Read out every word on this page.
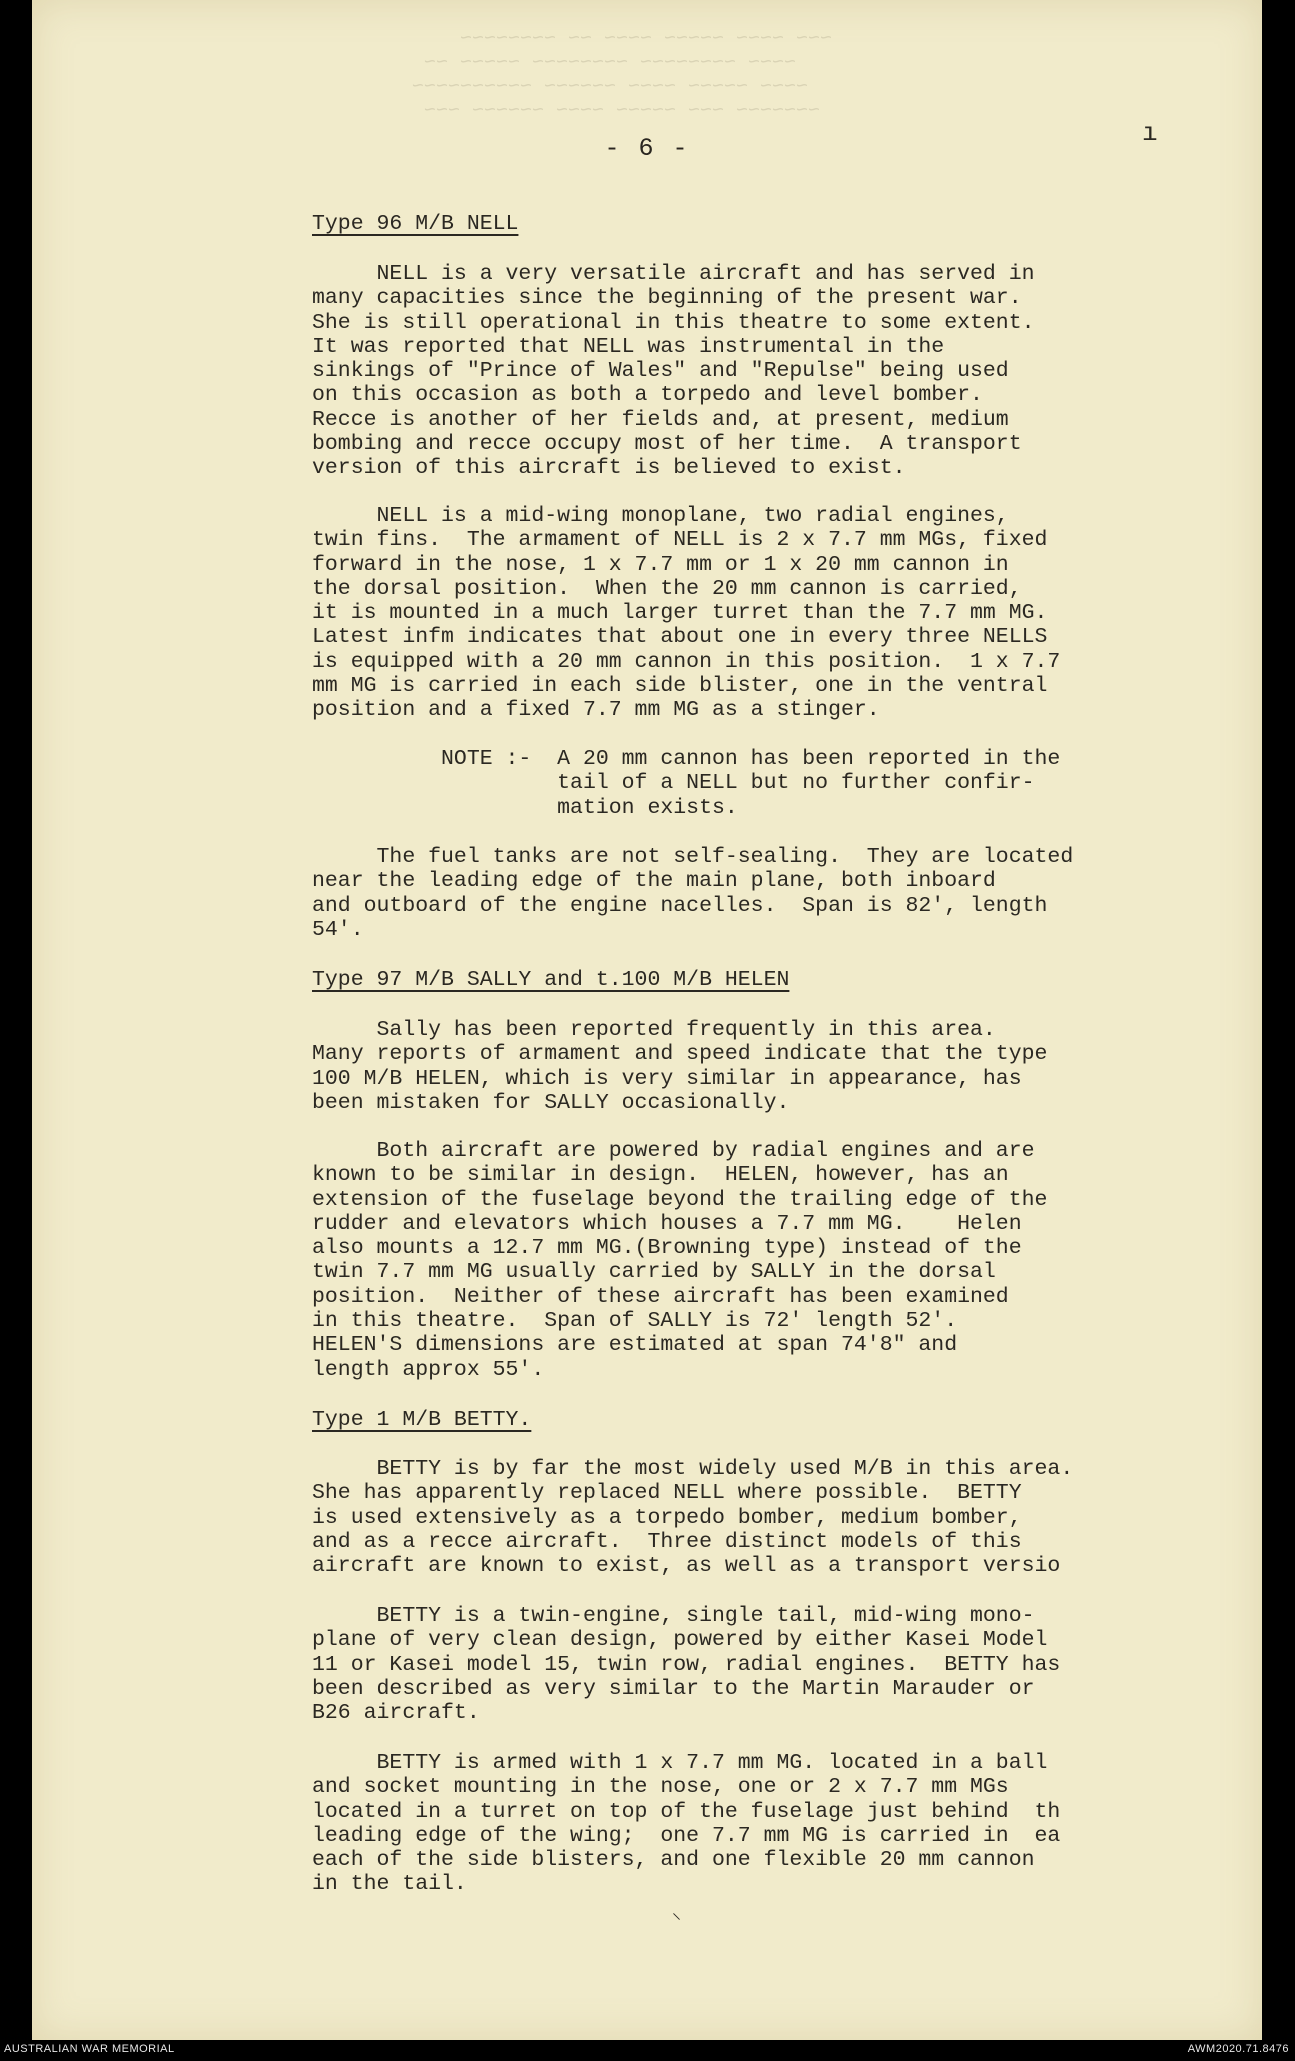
~~~ ~~~~ ~~~~~ ~~~~ ~~ ~~~~~~~~
~~~~ ~~~~~~~~ ~~~~~~~~ ~~~~~ ~~
~~~~ ~~~~~ ~~~~ ~~~~~~ ~~~~~~~~~~
~~~~~~~ ~~~ ~~~~~ ~~~~ ~~~~~~ ~~~
- 6 -
ı
Type 96 M/B NELL
NELL is a very versatile aircraft and has served in
many capacities since the beginning of the present war.
She is still operational in this theatre to some extent.
It was reported that NELL was instrumental in the
sinkings of "Prince of Wales" and "Repulse" being used
on this occasion as both a torpedo and level bomber.
Recce is another of her fields and, at present, medium
bombing and recce occupy most of her time.  A transport
version of this aircraft is believed to exist.
NELL is a mid-wing monoplane, two radial engines,
twin fins.  The armament of NELL is 2 x 7.7 mm MGs, fixed
forward in the nose, 1 x 7.7 mm or 1 x 20 mm cannon in
the dorsal position.  When the 20 mm cannon is carried,
it is mounted in a much larger turret than the 7.7 mm MG.
Latest infm indicates that about one in every three NELLS
is equipped with a 20 mm cannon in this position.  1 x 7.7
mm MG is carried in each side blister, one in the ventral
position and a fixed 7.7 mm MG as a stinger.
NOTE :-  A 20 mm cannon has been reported in the
tail of a NELL but no further confir-
mation exists.
The fuel tanks are not self-sealing.  They are located
near the leading edge of the main plane, both inboard
and outboard of the engine nacelles.  Span is 82', length
54'.
Type 97 M/B SALLY and t.100 M/B HELEN
Sally has been reported frequently in this area.
Many reports of armament and speed indicate that the type
100 M/B HELEN, which is very similar in appearance, has
been mistaken for SALLY occasionally.
Both aircraft are powered by radial engines and are
known to be similar in design.  HELEN, however, has an
extension of the fuselage beyond the trailing edge of the
rudder and elevators which houses a 7.7 mm MG.    Helen
also mounts a 12.7 mm MG.(Browning type) instead of the
twin 7.7 mm MG usually carried by SALLY in the dorsal
position.  Neither of these aircraft has been examined
in this theatre.  Span of SALLY is 72' length 52'.
HELEN'S dimensions are estimated at span 74'8" and
length approx 55'.
Type 1 M/B BETTY.
BETTY is by far the most widely used M/B in this area.
She has apparently replaced NELL where possible.  BETTY
is used extensively as a torpedo bomber, medium bomber,
and as a recce aircraft.  Three distinct models of this
aircraft are known to exist, as well as a transport versio
BETTY is a twin-engine, single tail, mid-wing mono-
plane of very clean design, powered by either Kasei Model
11 or Kasei model 15, twin row, radial engines.  BETTY has
been described as very similar to the Martin Marauder or
B26 aircraft.
BETTY is armed with 1 x 7.7 mm MG. located in a ball
and socket mounting in the nose, one or 2 x 7.7 mm MGs
located in a turret on top of the fuselage just behind  th
leading edge of the wing;  one 7.7 mm MG is carried in  ea
each of the side blisters, and one flexible 20 mm cannon
in the tail.
⸌
AUSTRALIAN WAR MEMORIAL	AWM2020.71.8476
